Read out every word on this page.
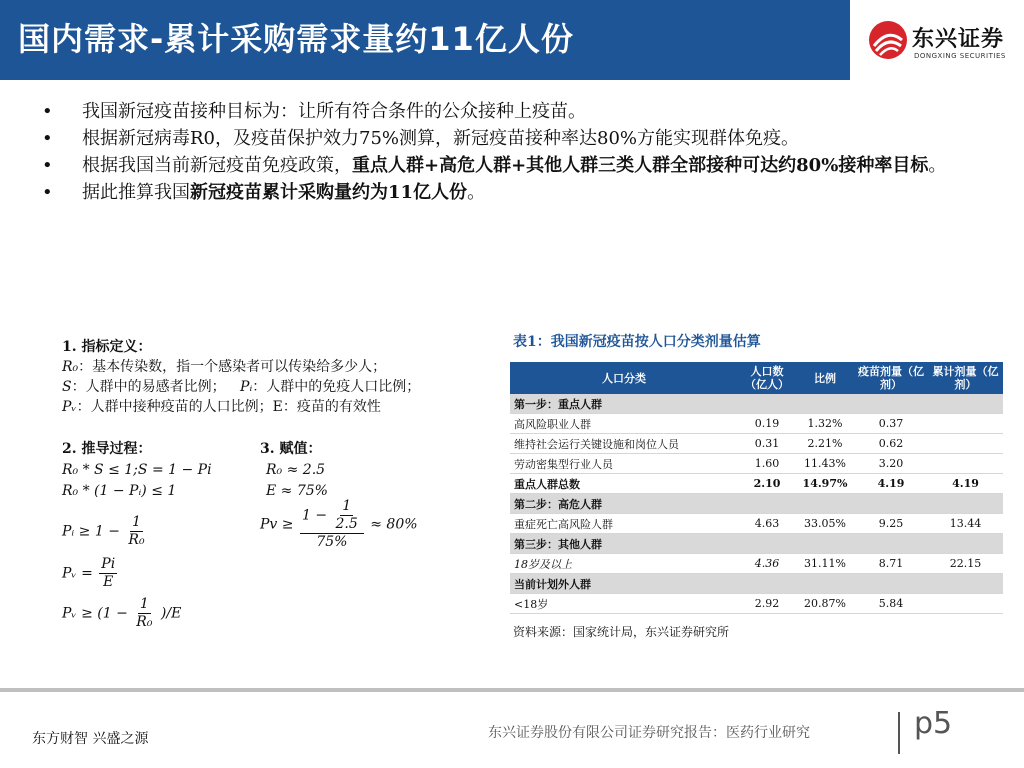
国内需求-累计采购需求量约11亿人份	东兴证券
DONGXING SECURITIES
• 我国新冠疫苗接种目标为：让所有符合条件的公众接种上疫苗。
• 根据新冠病毒R0，及疫苗保护效力75%测算，新冠疫苗接种率达80%方能实现群体免疫。
• 根据我国当前新冠疫苗免疫政策，重点人群+高危人群+其他人群三类人群全部接种可达约80%接种率目标。
• 据此推算我国新冠疫苗累计采购量约为11亿人份。
1. 指标定义：
R₀：基本传染数，指一个感染者可以传染给多少人；
S：人群中的易感者比例； Pᵢ：人群中的免疫人口比例；
Pᵥ：人群中接种疫苗的人口比例；E：疫苗的有效性
2. 推导过程：	3. 赋值：
R₀ * S ≤ 1;S = 1 − Pi
R₀ * (1 − Pᵢ) ≤ 1
R₀ ≈ 2.5
E ≈ 75%
Pᵢ ≥ $1 - \frac{1}{\text{R₀}}$	$Pv \ge \frac{1 - \frac{1}{2.5}}{75\%} \approx 80\%$
Pᵥ = $\frac{Pi}{E}$
Pᵥ ≥ $(1 - \frac{1}{\text{R₀}} )/E$
表1：我国新冠疫苗按人口分类剂量估算
人口分类	人口数（亿人）	比例	疫苗剂量（亿剂）	累计剂量（亿剂）
第一步：重点人群				
高风险职业人群	0.19	1.32%	0.37	
维持社会运行关键设施和岗位人员	0.31	2.21%	0.62	
劳动密集型行业人员	1.60	11.43%	3.20	
重点人群总数	2.10	14.97%	4.19	4.19
第二步：高危人群				
重症死亡高风险人群	4.63	33.05%	9.25	13.44
第三步：其他人群				
18岁及以上	4.36	31.11%	8.71	22.15
当前计划外人群				
<18岁	2.92	20.87%	5.84	
资料来源：国家统计局，东兴证券研究所
东方财智 兴盛之源	东兴证券股份有限公司证券研究报告：医药行业研究	p5
